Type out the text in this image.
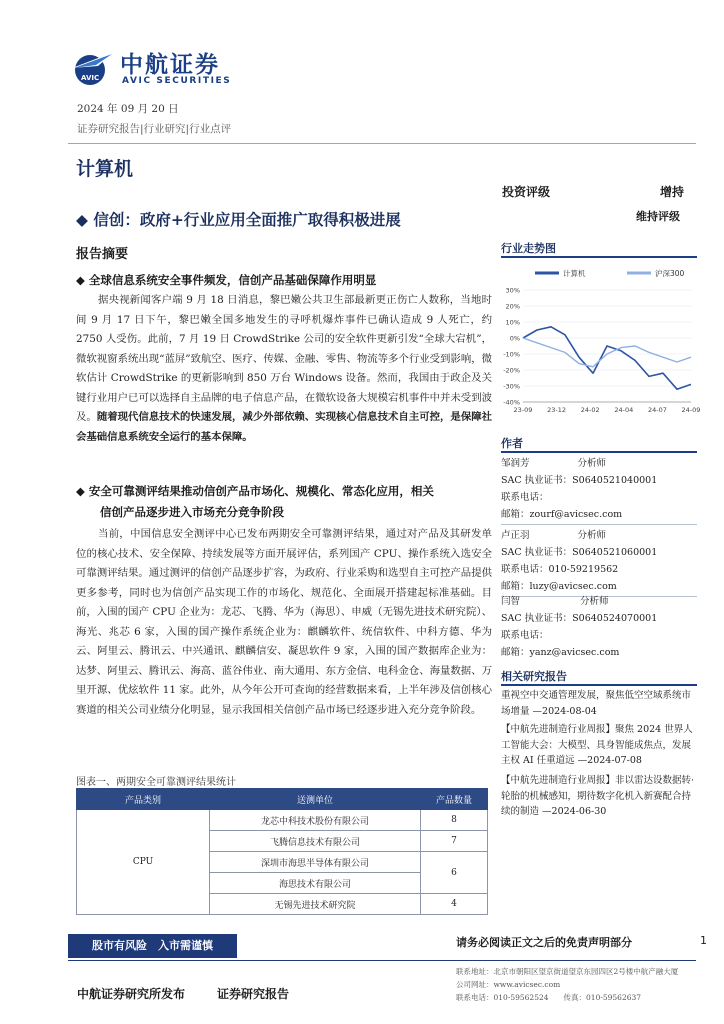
AVIC 中航证券
AVIC SECURITIES
2024 年 09 月 20 日
证券研究报告|行业研究|行业点评
计算机
投资评级	增持
维持评级
◆ 信创：政府+行业应用全面推广取得积极进展
报告摘要
◆ 全球信息系统安全事件频发，信创产品基础保障作用明显
据央视新闻客户端 9 月 18 日消息，黎巴嫩公共卫生部最新更正伤亡人数称，当地时间 9 月 17 日下午，黎巴嫩全国多地发生的寻呼机爆炸事件已确认造成 9 人死亡，约 2750 人受伤。此前，7 月 19 日 CrowdStrike 公司的安全软件更新引发“全球大宕机”，微软视窗系统出现“蓝屏”致航空、医疗、传媒、金融、零售、物流等多个行业受到影响，微软估计 CrowdStrike 的更新影响到 850 万台 Windows 设备。然而，我国由于政企及关键行业用户已可以选择自主品牌的电子信息产品，在微软设备大规模宕机事件中并未受到波及。随着现代信息技术的快速发展，减少外部依赖、实现核心信息技术自主可控，是保障社会基础信息系统安全运行的基本保障。
◆ 安全可靠测评结果推动信创产品市场化、规模化、常态化应用，相关
信创产品逐步进入市场充分竞争阶段
当前，中国信息安全测评中心已发布两期安全可靠测评结果，通过对产品及其研发单位的核心技术、安全保障、持续发展等方面开展评估，系列国产 CPU、操作系统入选安全可靠测评结果。通过测评的信创产品逐步扩容，为政府、行业采购和选型自主可控产品提供更多参考，同时也为信创产品实现工作的市场化、规范化、全面展开搭建起标准基础。目前，入围的国产 CPU 企业为：龙芯、飞腾、华为（海思）、申威（无锡先进技术研究院）、海光、兆芯 6 家，入围的国产操作系统企业为：麒麟软件、统信软件、中科方德、华为云、阿里云、腾讯云、中兴通讯、麒麟信安、凝思软件 9 家，入围的国产数据库企业为：达梦、阿里云、腾讯云、海高、蓝谷伟业、南大通用、东方金信、电科金仓、海量数据、万里开源、优炫软件 11 家。此外，从今年公开可查询的经营数据来看，上半年涉及信创核心赛道的相关公司业绩分化明显，显示我国相关信创产品市场已经逐步进入充分竞争阶段。
行业走势图
计算机	沪深300
30%
20%
10%
0%
-10%
-20%
-30%
-40%
23-09 23-12 24-02 24-04 24-07 24-09
作者
邹润芳	分析师
SAC 执业证书：S0640521040001
联系电话：
邮箱：zourf@avicsec.com
卢正羽	分析师
SAC 执业证书：S0640521060001
联系电话：010-59219562
邮箱：luzy@avicsec.com
闫智	分析师
SAC 执业证书：S0640524070001
联系电话：
邮箱：yanz@avicsec.com
相关研究报告
重视空中交通管理发展，聚焦低空空域系统市场增量 —2024-08-04
【中航先进制造行业周报】聚焦 2024 世界人工智能大会：大模型、具身智能成焦点，发展主权 AI 任重道远 —2024-07-08
【中航先进制造行业周报】非以雷达设数据转·轮胎的机械感知，期待数字化机入新赛配合持续的制造 —2024-06-30
图表一、两期安全可靠测评结果统计
产品类别	送测单位	产品数量
CPU	龙芯中科技术股份有限公司	8
	飞腾信息技术有限公司	7
	深圳市海思半导体有限公司	6
	海思技术有限公司	
	无锡先进技术研究院	4
股市有风险　入市需谨慎	请务必阅读正文之后的免责声明部分	1
联系地址：北京市朝阳区望京街道望京东园四区2号楼中航产融大厦
公司网址：www.avicsec.com
联系电话：010-59562524　　传真：010-59562637
中航证券研究所发布	证券研究报告
